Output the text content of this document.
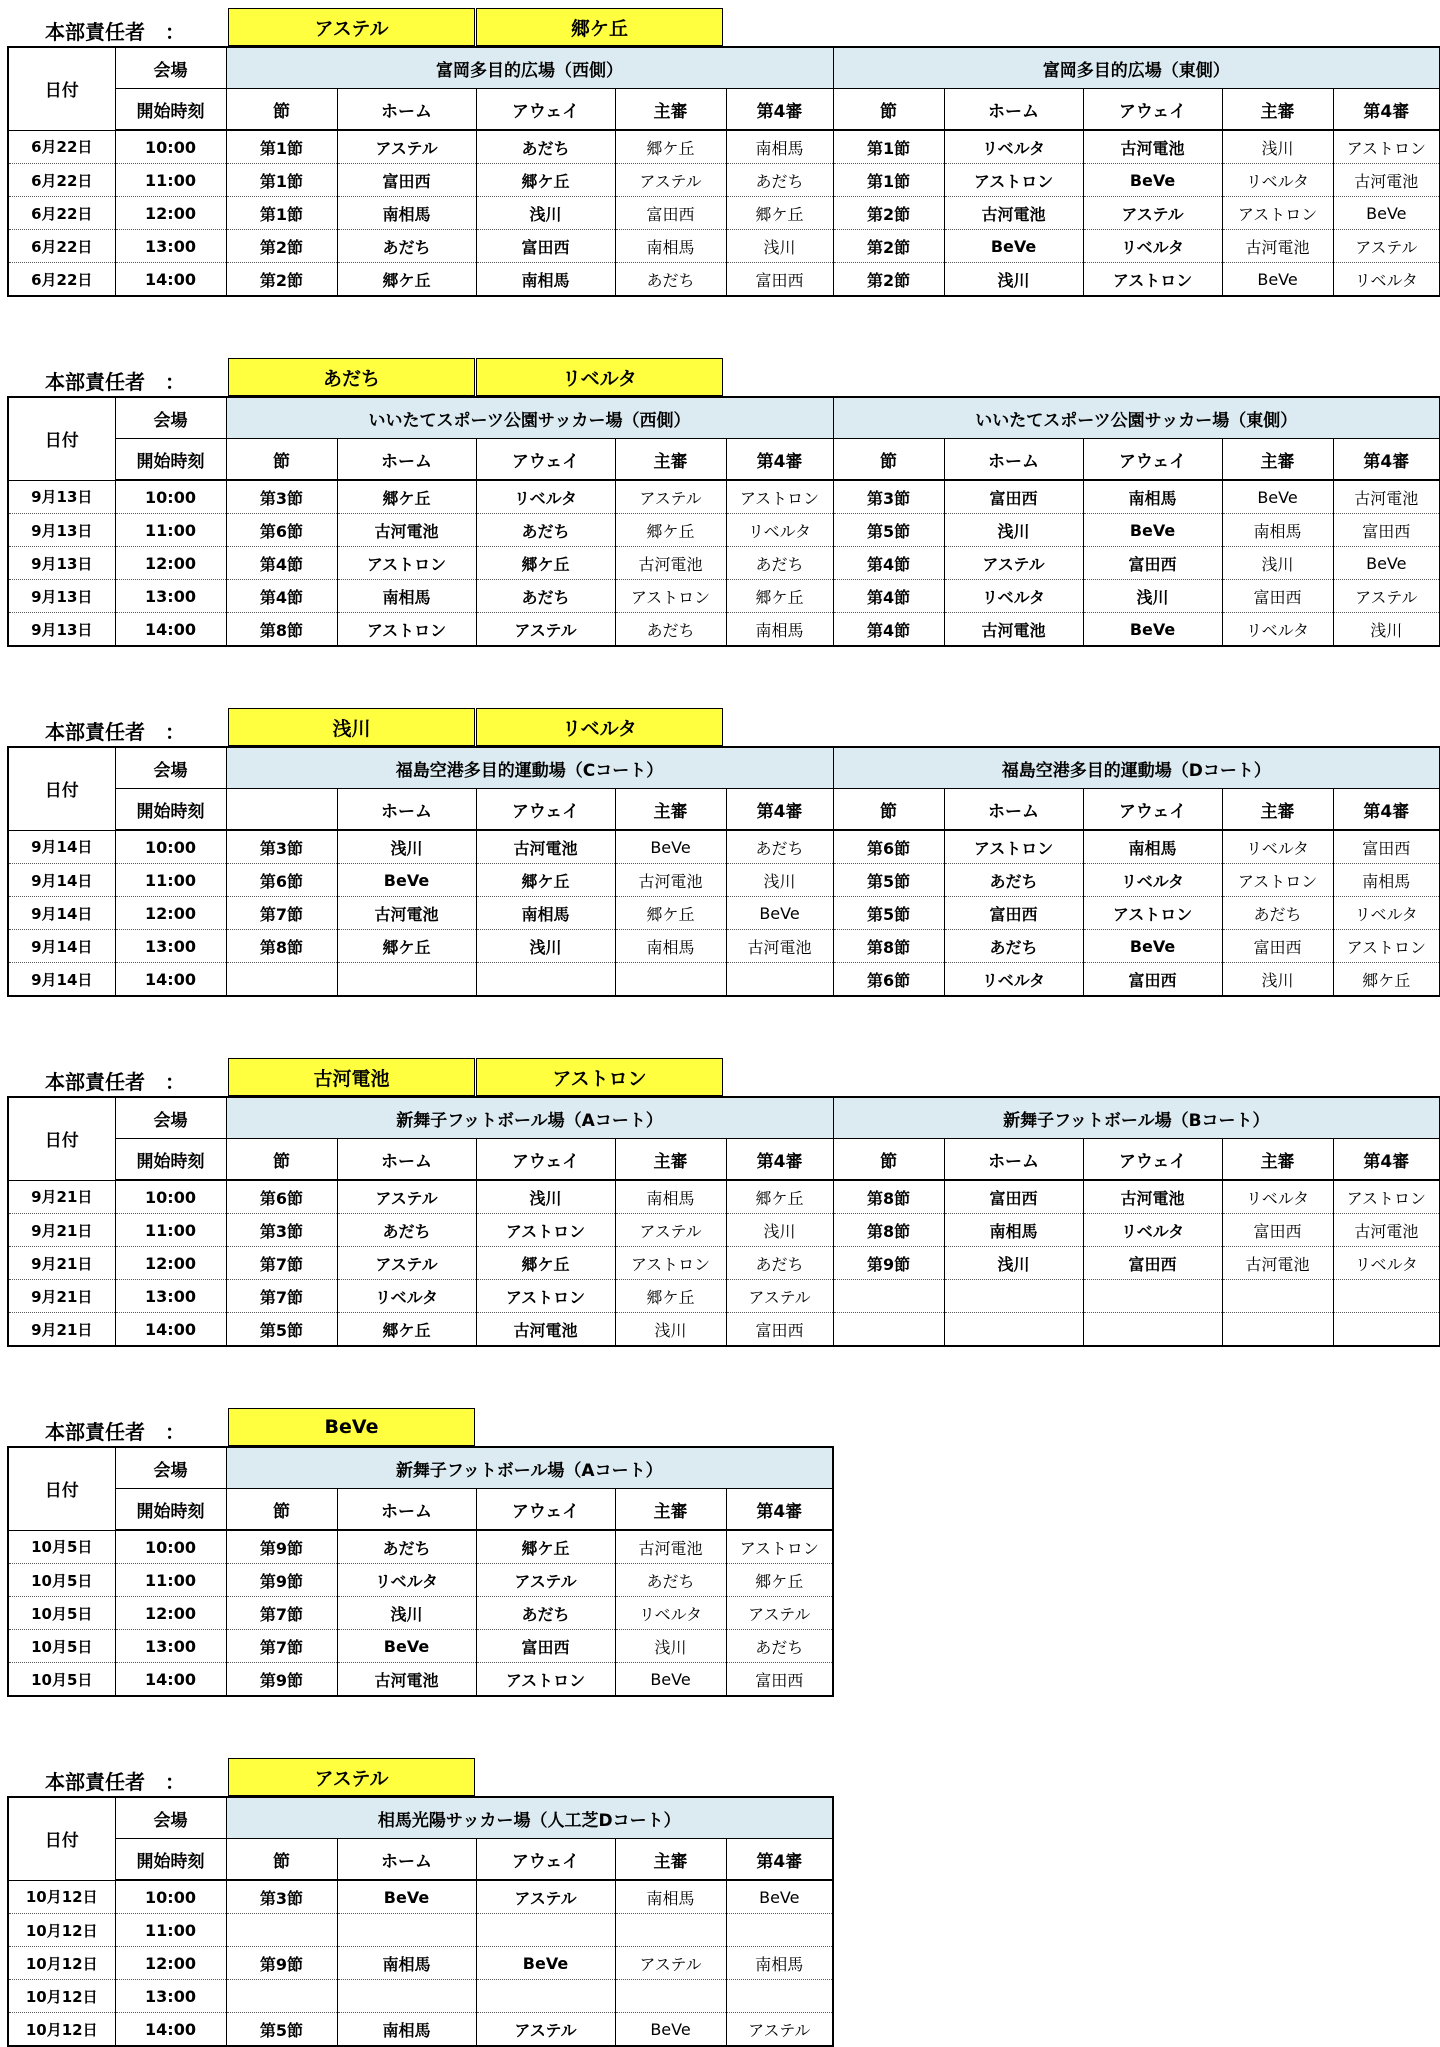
本部責任者　：	アステル	郷ケ丘
日付	会場	富岡多目的広場（西側）					富岡多目的広場（東側）				
	開始時刻	節	ホーム	アウェイ	主審	第4審	節	ホーム	アウェイ	主審	第4審
6月22日	10:00	第1節	アステル	あだち	郷ケ丘	南相馬	第1節	リベルタ	古河電池	浅川	アストロン
6月22日	11:00	第1節	富田西	郷ケ丘	アステル	あだち	第1節	アストロン	BeVe	リベルタ	古河電池
6月22日	12:00	第1節	南相馬	浅川	富田西	郷ケ丘	第2節	古河電池	アステル	アストロン	BeVe
6月22日	13:00	第2節	あだち	富田西	南相馬	浅川	第2節	BeVe	リベルタ	古河電池	アステル
6月22日	14:00	第2節	郷ケ丘	南相馬	あだち	富田西	第2節	浅川	アストロン	BeVe	リベルタ
本部責任者　：	あだち	リベルタ
日付	会場	いいたてスポーツ公園サッカー場（西側）					いいたてスポーツ公園サッカー場（東側）				
	開始時刻	節	ホーム	アウェイ	主審	第4審	節	ホーム	アウェイ	主審	第4審
9月13日	10:00	第3節	郷ケ丘	リベルタ	アステル	アストロン	第3節	富田西	南相馬	BeVe	古河電池
9月13日	11:00	第6節	古河電池	あだち	郷ケ丘	リベルタ	第5節	浅川	BeVe	南相馬	富田西
9月13日	12:00	第4節	アストロン	郷ケ丘	古河電池	あだち	第4節	アステル	富田西	浅川	BeVe
9月13日	13:00	第4節	南相馬	あだち	アストロン	郷ケ丘	第4節	リベルタ	浅川	富田西	アステル
9月13日	14:00	第8節	アストロン	アステル	あだち	南相馬	第4節	古河電池	BeVe	リベルタ	浅川
本部責任者　：	浅川	リベルタ
日付	会場	福島空港多目的運動場（Cコート）					福島空港多目的運動場（Dコート）				
	開始時刻		ホーム	アウェイ	主審	第4審	節	ホーム	アウェイ	主審	第4審
9月14日	10:00	第3節	浅川	古河電池	BeVe	あだち	第6節	アストロン	南相馬	リベルタ	富田西
9月14日	11:00	第6節	BeVe	郷ケ丘	古河電池	浅川	第5節	あだち	リベルタ	アストロン	南相馬
9月14日	12:00	第7節	古河電池	南相馬	郷ケ丘	BeVe	第5節	富田西	アストロン	あだち	リベルタ
9月14日	13:00	第8節	郷ケ丘	浅川	南相馬	古河電池	第8節	あだち	BeVe	富田西	アストロン
9月14日	14:00						第6節	リベルタ	富田西	浅川	郷ケ丘
本部責任者　：	古河電池	アストロン
日付	会場	新舞子フットボール場（Aコート）					新舞子フットボール場（Bコート）				
	開始時刻	節	ホーム	アウェイ	主審	第4審	節	ホーム	アウェイ	主審	第4審
9月21日	10:00	第6節	アステル	浅川	南相馬	郷ケ丘	第8節	富田西	古河電池	リベルタ	アストロン
9月21日	11:00	第3節	あだち	アストロン	アステル	浅川	第8節	南相馬	リベルタ	富田西	古河電池
9月21日	12:00	第7節	アステル	郷ケ丘	アストロン	あだち	第9節	浅川	富田西	古河電池	リベルタ
9月21日	13:00	第7節	リベルタ	アストロン	郷ケ丘	アステル					
9月21日	14:00	第5節	郷ケ丘	古河電池	浅川	富田西					
本部責任者　：	BeVe
日付	会場	新舞子フットボール場（Aコート）				
	開始時刻	節	ホーム	アウェイ	主審	第4審
10月5日	10:00	第9節	あだち	郷ケ丘	古河電池	アストロン
10月5日	11:00	第9節	リベルタ	アステル	あだち	郷ケ丘
10月5日	12:00	第7節	浅川	あだち	リベルタ	アステル
10月5日	13:00	第7節	BeVe	富田西	浅川	あだち
10月5日	14:00	第9節	古河電池	アストロン	BeVe	富田西
本部責任者　：	アステル
日付	会場	相馬光陽サッカー場（人工芝Dコート）				
	開始時刻	節	ホーム	アウェイ	主審	第4審
10月12日	10:00	第3節	BeVe	アステル	南相馬	BeVe
10月12日	11:00					
10月12日	12:00	第9節	南相馬	BeVe	アステル	南相馬
10月12日	13:00					
10月12日	14:00	第5節	南相馬	アステル	BeVe	アステル
